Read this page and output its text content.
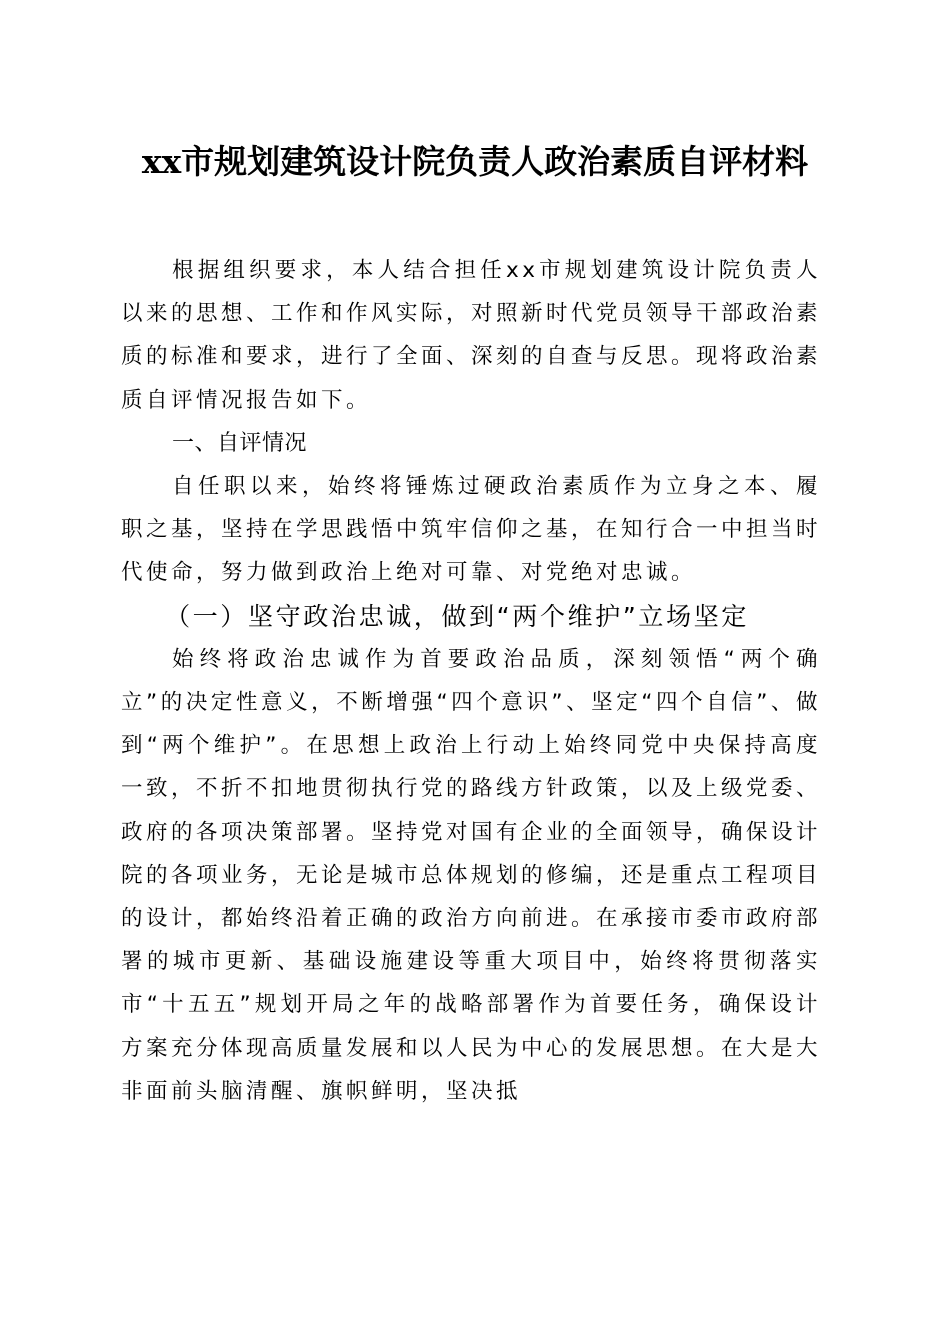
xx市规划建筑设计院负责人政治素质自评材料

根据组织要求，本人结合担任xx市规划建筑设计院负责人以来的思想、工作和作风实际，对照新时代党员领导干部政治素质的标准和要求，进行了全面、深刻的自查与反思。现将政治素质自评情况报告如下。

一、自评情况

自任职以来，始终将锤炼过硬政治素质作为立身之本、履职之基，坚持在学思践悟中筑牢信仰之基，在知行合一中担当时代使命，努力做到政治上绝对可靠、对党绝对忠诚。

（一）坚守政治忠诚，做到“两个维护”立场坚定

始终将政治忠诚作为首要政治品质，深刻领悟“两个确立”的决定性意义，不断增强“四个意识”、坚定“四个自信”、做到“两个维护”。在思想上政治上行动上始终同党中央保持高度一致，不折不扣地贯彻执行党的路线方针政策，以及上级党委、政府的各项决策部署。坚持党对国有企业的全面领导，确保设计院的各项业务，无论是城市总体规划的修编，还是重点工程项目的设计，都始终沿着正确的政治方向前进。在承接市委市政府部署的城市更新、基础设施建设等重大项目中，始终将贯彻落实市“十五五”规划开局之年的战略部署作为首要任务，确保设计方案充分体现高质量发展和以人民为中心的发展思想。在大是大非面前头脑清醒、旗帜鲜明，坚决抵
